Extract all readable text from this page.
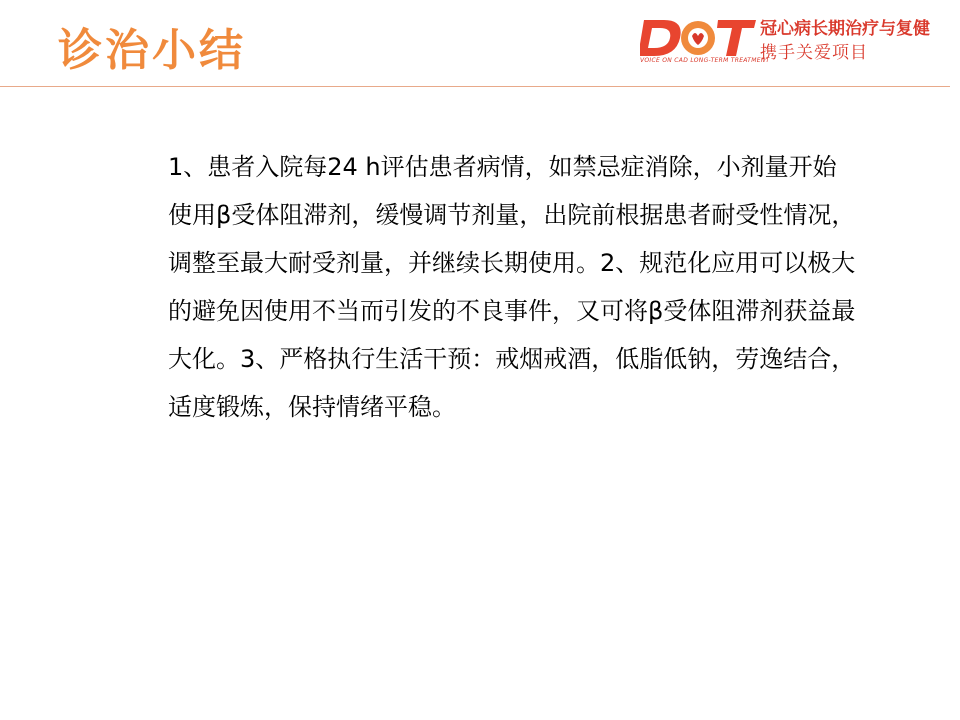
诊治小结	冠心病长期治疗与复健
携手关爱项目
VOICE ON CAD LONG-TERM TREATMENT
1、患者入院每24 h评估患者病情，如禁忌症消除，小剂量开始使用β受体阻滞剂，缓慢调节剂量，出院前根据患者耐受性情况，调整至最大耐受剂量，并继续长期使用。2、规范化应用可以极大的避免因使用不当而引发的不良事件，又可将β受体阻滞剂获益最大化。3、严格执行生活干预：戒烟戒酒，低脂低钠，劳逸结合，适度锻炼，保持情绪平稳。
